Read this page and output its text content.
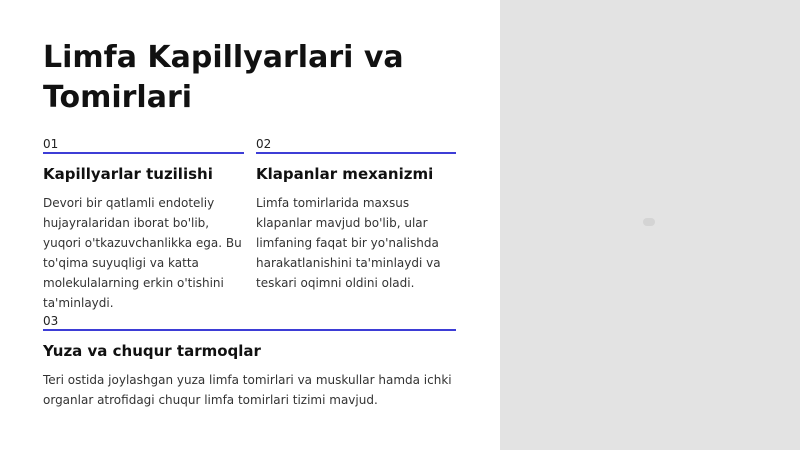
Limfa Kapillyarlari va Tomirlari
01
Kapillyarlar tuzilishi

Devori bir qatlamli endoteliy hujayralaridan iborat bo'lib, yuqori o'tkazuvchanlikka ega. Bu to'qima suyuqligi va katta molekulalarning erkin o'tishini ta'minlaydi.

02
Klapanlar mexanizmi

Limfa tomirlarida maxsus klapanlar mavjud bo'lib, ular limfaning faqat bir yo'nalishda harakatlanishini ta'minlaydi va teskari oqimni oldini oladi.

03
Yuza va chuqur tarmoqlar

Teri ostida joylashgan yuza limfa tomirlari va muskullar hamda ichki organlar atrofidagi chuqur limfa tomirlari tizimi mavjud.
